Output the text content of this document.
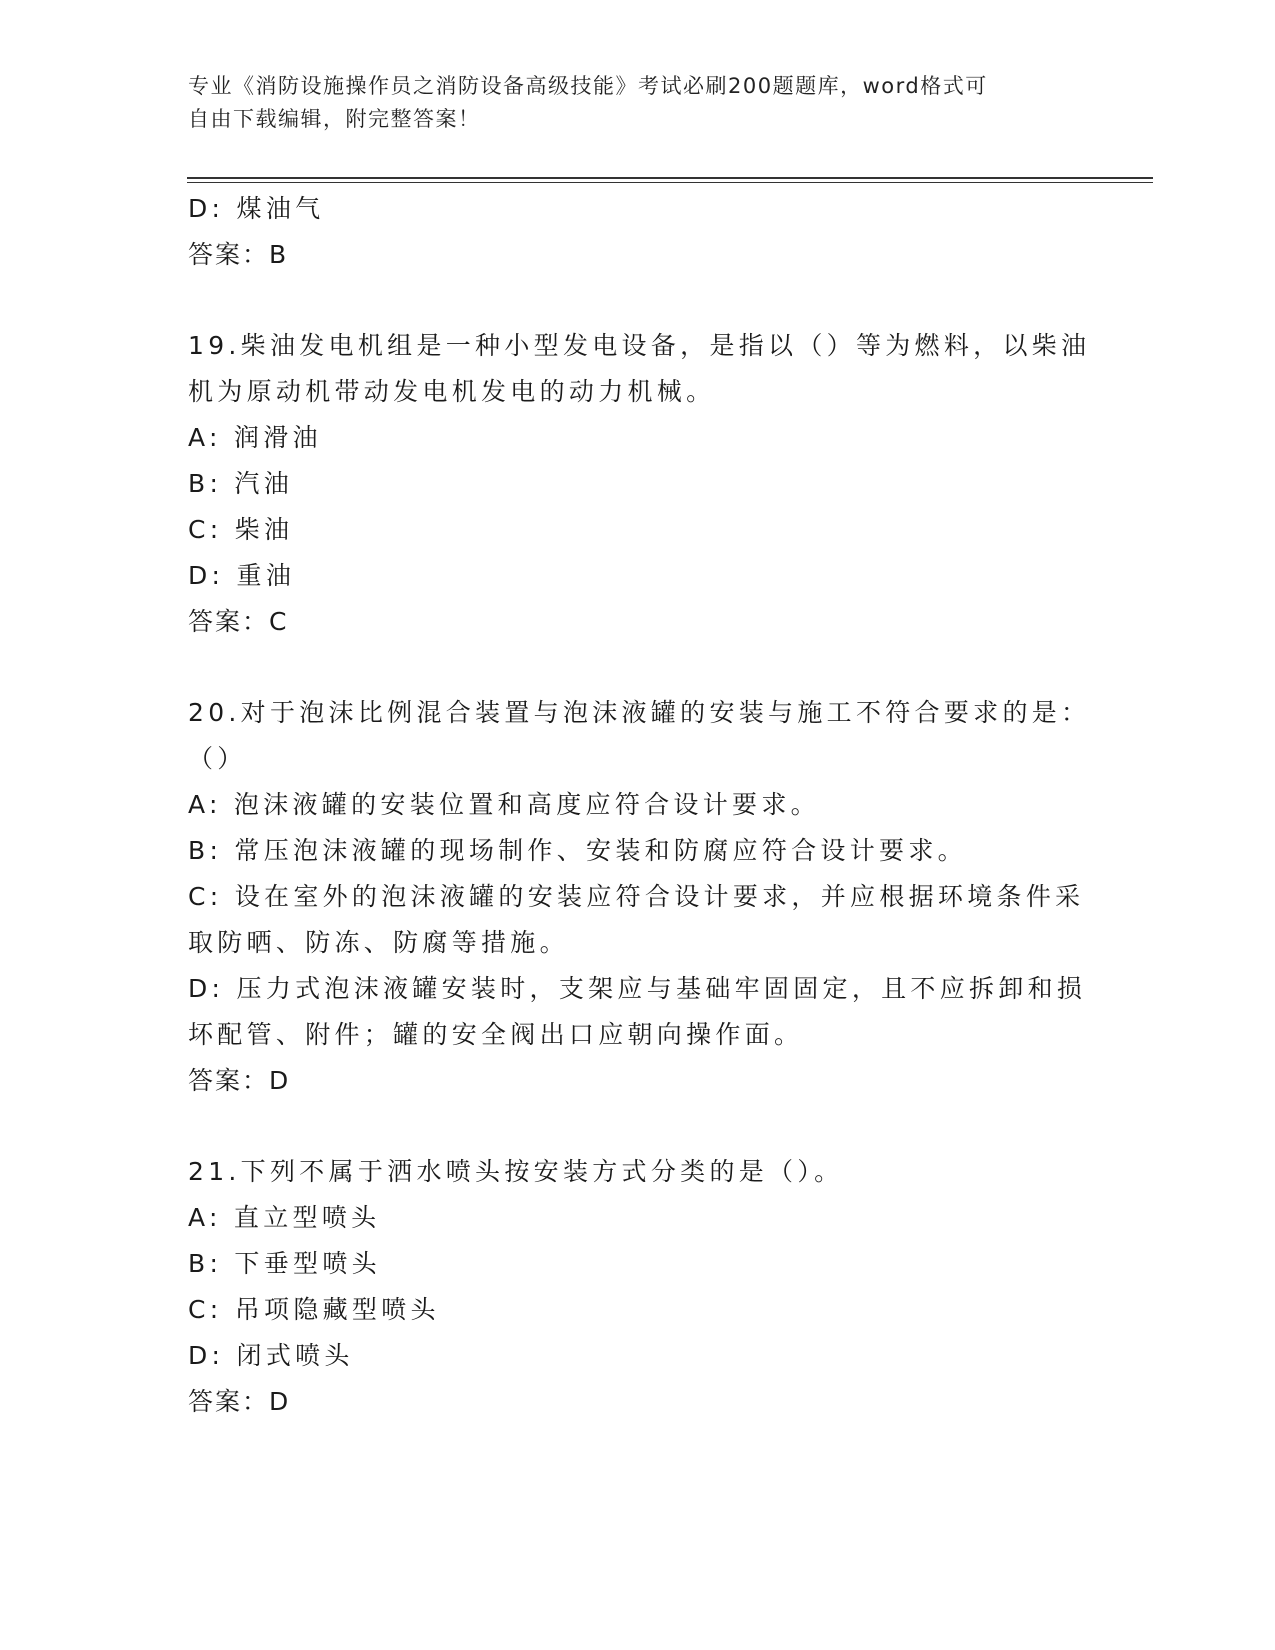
专业《消防设施操作员之消防设备高级技能》考试必刷200题题库，word格式可
自由下载编辑，附完整答案！

D: 煤油气

答案：B

19.柴油发电机组是一种小型发电设备，是指以（）等为燃料，以柴油

机为原动机带动发电机发电的动力机械。

A: 润滑油

B: 汽油

C: 柴油

D: 重油

答案：C

20.对于泡沫比例混合装置与泡沫液罐的安装与施工不符合要求的是：

（）

A: 泡沫液罐的安装位置和高度应符合设计要求。

B: 常压泡沫液罐的现场制作、安装和防腐应符合设计要求。

C: 设在室外的泡沫液罐的安装应符合设计要求，并应根据环境条件采

取防晒、防冻、防腐等措施。

D: 压力式泡沫液罐安装时，支架应与基础牢固固定，且不应拆卸和损

坏配管、附件；罐的安全阀出口应朝向操作面。

答案：D

21.下列不属于洒水喷头按安装方式分类的是（）。

A: 直立型喷头

B: 下垂型喷头

C: 吊项隐藏型喷头

D: 闭式喷头

答案：D
